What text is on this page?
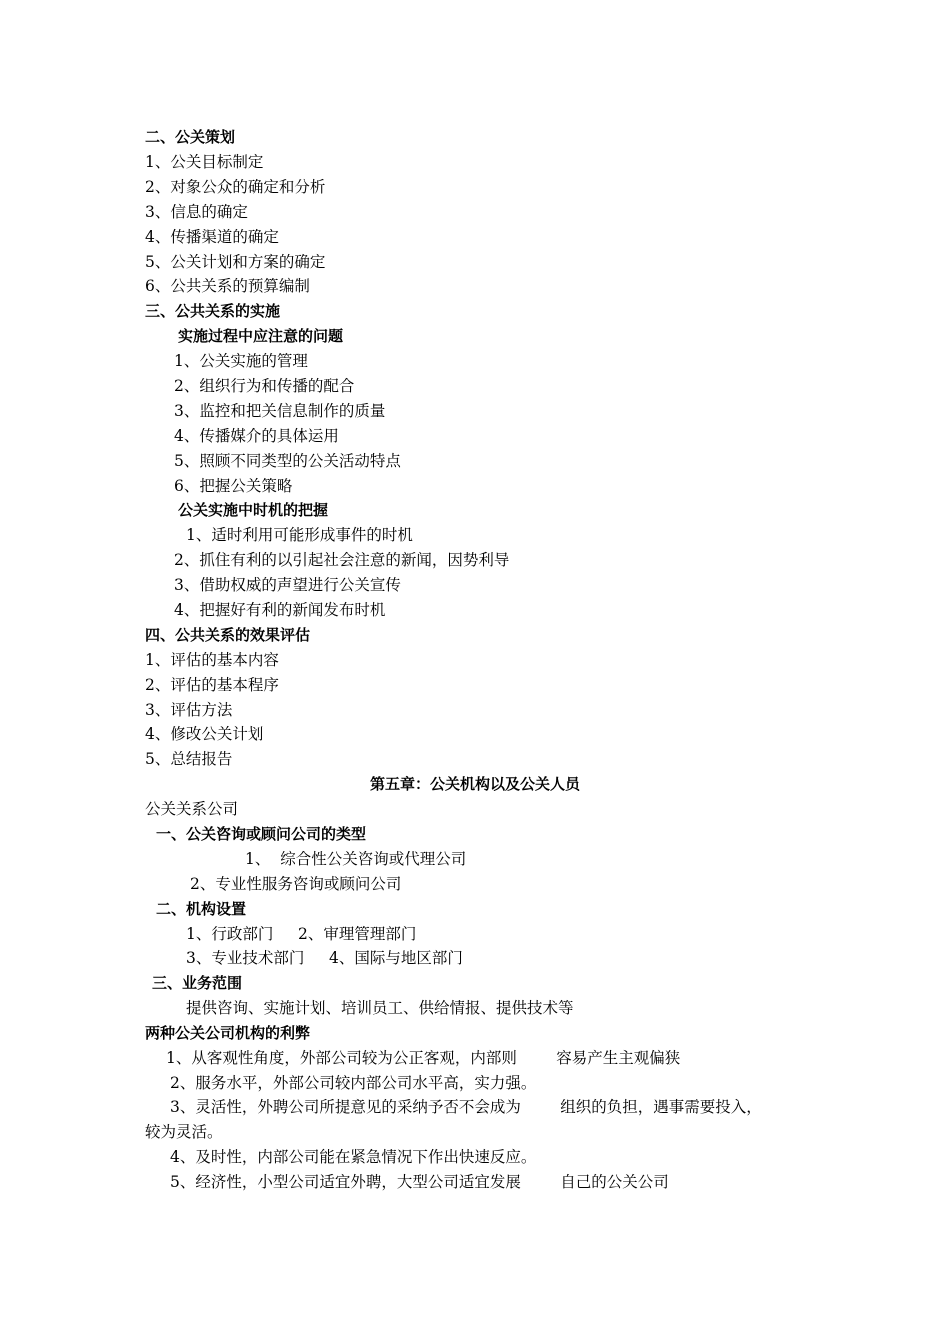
二、公关策划

1、公关目标制定

2、对象公众的确定和分析

3、信息的确定

4、传播渠道的确定

5、公关计划和方案的确定

6、公共关系的预算编制

三、公共关系的实施

实施过程中应注意的问题

1、公关实施的管理

2、组织行为和传播的配合

3、监控和把关信息制作的质量

4、传播媒介的具体运用

5、照顾不同类型的公关活动特点

6、把握公关策略

公关实施中时机的把握

1、适时利用可能形成事件的时机

2、抓住有利的以引起社会注意的新闻，因势利导

3、借助权威的声望进行公关宣传

4、把握好有利的新闻发布时机

四、公共关系的效果评估

1、评估的基本内容

2、评估的基本程序

3、评估方法

4、修改公关计划

5、总结报告

第五章：公关机构以及公关人员

公关关系公司

一、公关咨询或顾问公司的类型

1、  综合性公关咨询或代理公司

2、专业性服务咨询或顾问公司

二、机构设置

1、行政部门     2、审理管理部门

3、专业技术部门     4、国际与地区部门

三、业务范围

提供咨询、实施计划、培训员工、供给情报、提供技术等

两种公关公司机构的利弊

1、从客观性角度，外部公司较为公正客观，内部则        容易产生主观偏狭

2、服务水平，外部公司较内部公司水平高，实力强。

3、灵活性，外聘公司所提意见的采纳予否不会成为        组织的负担，遇事需要投入，

较为灵活。

4、及时性，内部公司能在紧急情况下作出快速反应。

5、经济性，小型公司适宜外聘，大型公司适宜发展        自己的公关公司
